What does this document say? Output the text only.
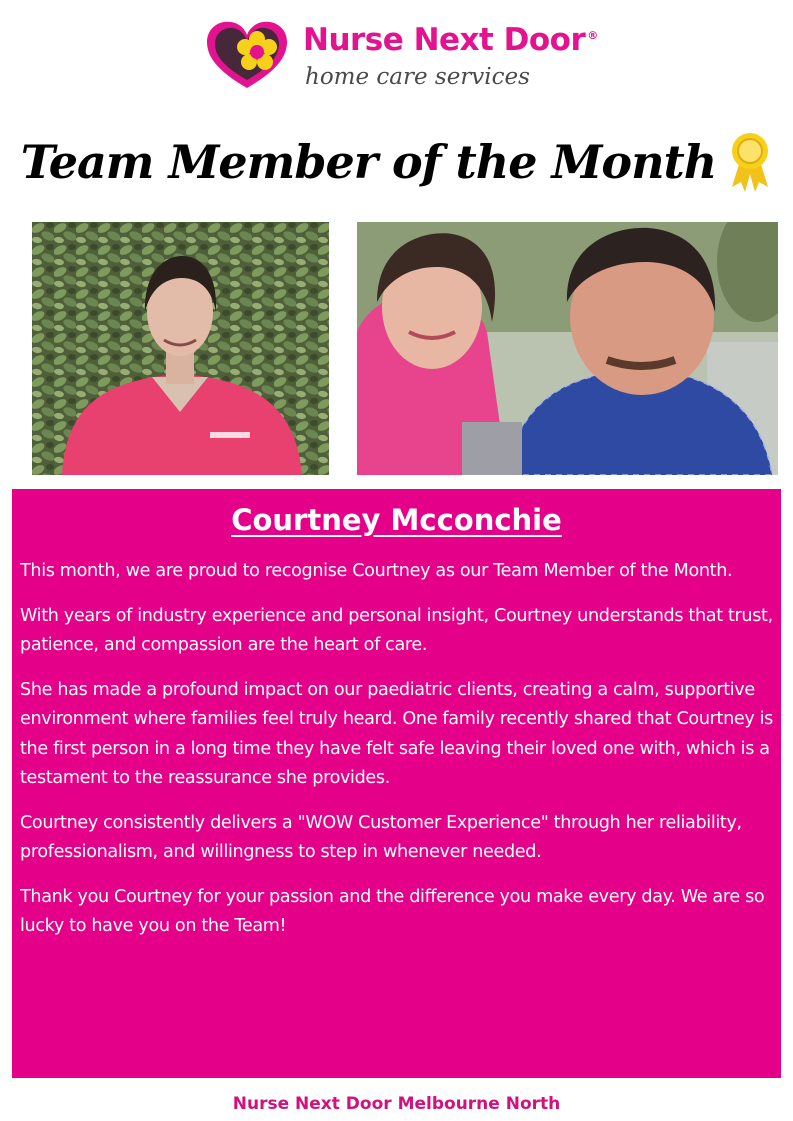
Nurse Next Door ®
home care services
Team Member of the Month
Courtney Mcconchie

This month, we are proud to recognise Courtney as our Team Member of the Month.

With years of industry experience and personal insight, Courtney understands that trust, patience, and compassion are the heart of care.

She has made a profound impact on our paediatric clients, creating a calm, supportive environment where families feel truly heard. One family recently shared that Courtney is the first person in a long time they have felt safe leaving their loved one with, which is a testament to the reassurance she provides.

Courtney consistently delivers a "WOW Customer Experience" through her reliability, professionalism, and willingness to step in whenever needed.

Thank you Courtney for your passion and the difference you make every day. We are so lucky to have you on the Team!

Nurse Next Door Melbourne North
